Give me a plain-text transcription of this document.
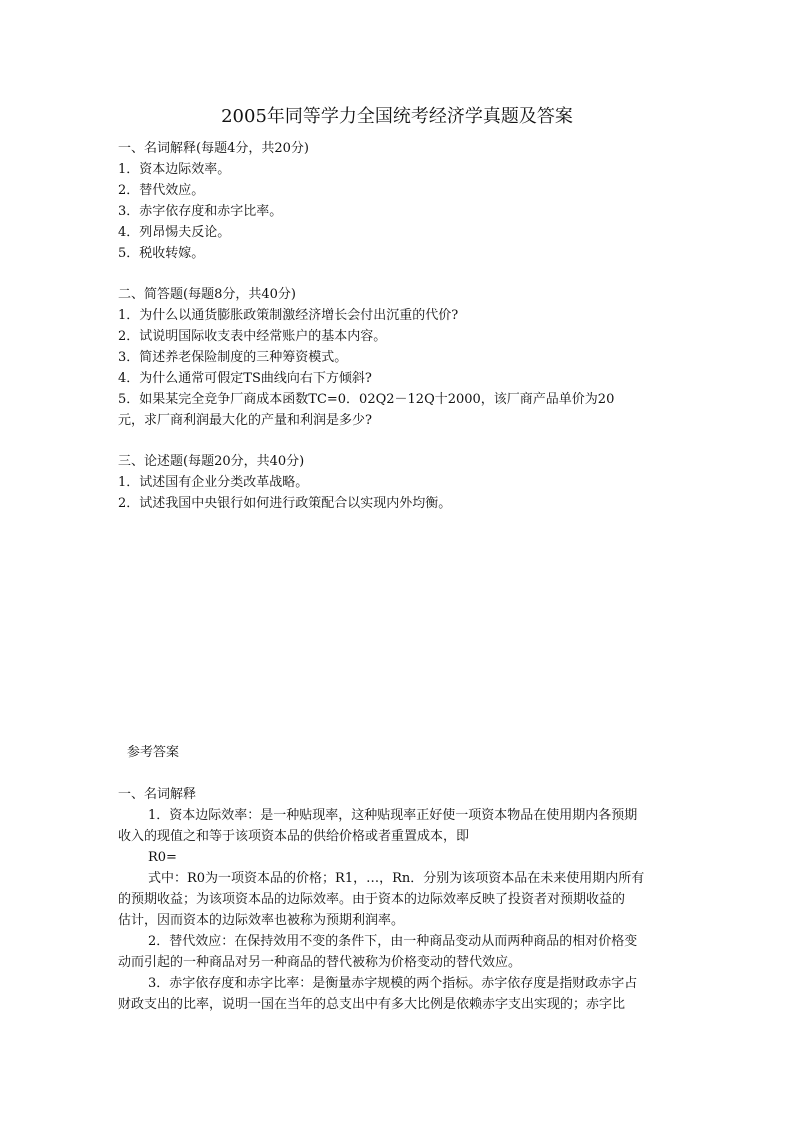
2005年同等学力全国统考经济学真题及答案
一、名词解释(每题4分，共20分)
1．资本边际效率。
2．替代效应。
3．赤字依存度和赤字比率。
4．列昂惕夫反论。
5．税收转嫁。
二、简答题(每题8分，共40分)
1．为什么以通货膨胀政策制激经济增长会付出沉重的代价?
2．试说明国际收支表中经常账户的基本内容。
3．简述养老保险制度的三种筹资模式。
4．为什么通常可假定TS曲线向右下方倾斜?
5．如果某完全竞争厂商成本函数TC=0．02Q2－12Q十2000，该厂商产品单价为20
元，求厂商利润最大化的产量和利润是多少?
三、论述题(每题20分，共40分)
1．试述国有企业分类改革战略。
2．试述我国中央银行如何进行政策配合以实现内外均衡。
参考答案
一、名词解释
1．资本边际效率：是一种贴现率，这种贴现率正好使一项资本物品在使用期内各预期
收入的现值之和等于该项资本品的供给价格或者重置成本，即
R0=
式中：R0为一项资本品的价格；R1，…，Rn．分别为该项资本品在未来使用期内所有
的预期收益；为该项资本品的边际效率。由于资本的边际效率反映了投资者对预期收益的
估计，因而资本的边际效率也被称为预期利润率。
2．替代效应：在保持效用不变的条件下，由一种商品变动从而两种商品的相对价格变
动而引起的一种商品对另一种商品的替代被称为价格变动的替代效应。
3．赤字依存度和赤字比率：是衡量赤字规模的两个指标。赤字依存度是指财政赤字占
财政支出的比率，说明一国在当年的总支出中有多大比例是依赖赤字支出实现的；赤字比
